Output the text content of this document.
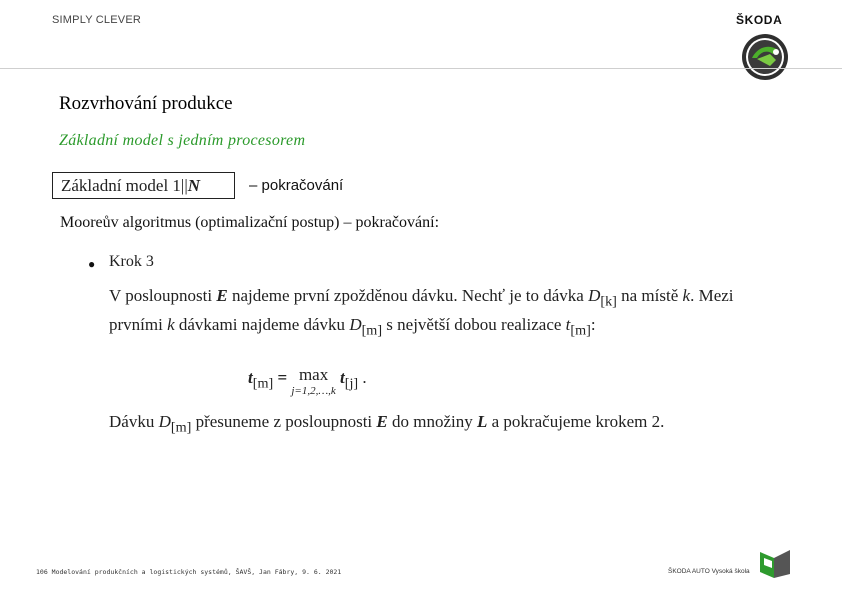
SIMPLY CLEVER	ŠKODA
Rozvrhování produkce
Základní model s jedním procesorem
Základní model 1||N	– pokračování
Mooreův algoritmus (optimalizační postup) – pokračování:
● Krok 3
V posloupnosti E najdeme první zpožděnou dávku. Nechť je to dávka $D_{[k]}$ na místě k. Mezi prvními k dávkami najdeme dávku $D_{[m]}$ s největší dobou realizace $t_{[m]}$:
$t_{[m]} = \max$
j=1,2,…,k $t_{[j]}$ .
Dávku $D_{[m]}$ přesuneme z posloupnosti E do množiny L a pokračujeme krokem 2.
106 Modelování produkčních a logistických systémů, ŠAVŠ, Jan Fábry, 9. 6. 2021	ŠKODA AUTO Vysoká škola
